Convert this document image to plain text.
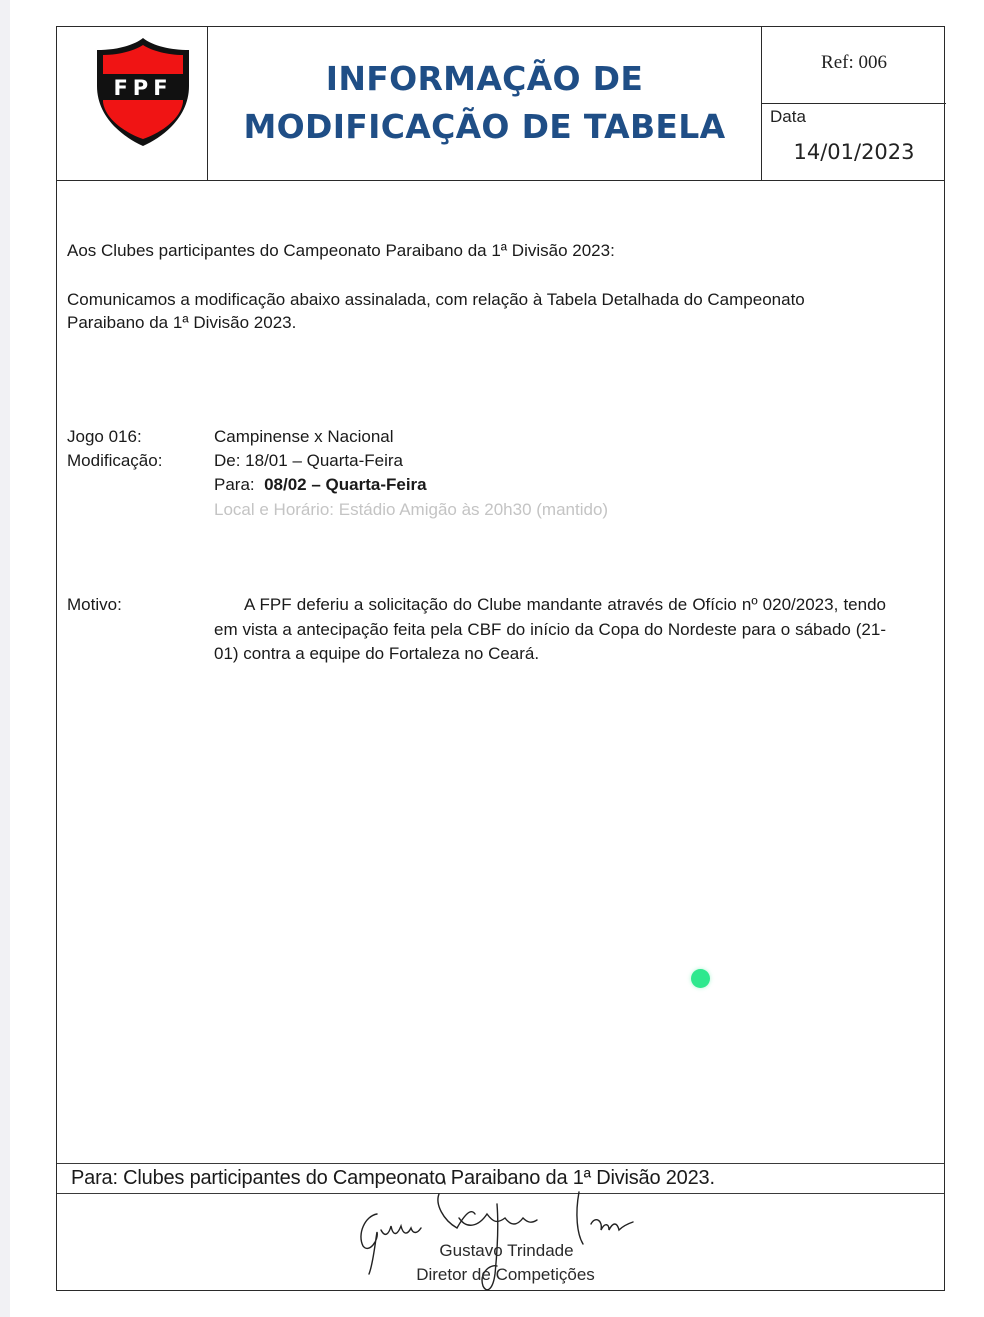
FPF	INFORMAÇÃO DE
MODIFICAÇÃO DE TABELA
Ref: 006
Data
14/01/2023
Aos Clubes participantes do Campeonato Paraibano da 1ª Divisão 2023:
Comunicamos a modificação abaixo assinalada, com relação à Tabela Detalhada do Campeonato
Paraibano da 1ª Divisão 2023.
Jogo 016:	Campinense x Nacional
Modificação:	De: 18/01 – Quarta-Feira
Para: 08/02 – Quarta-Feira
Local e Horário: Estádio Amigão às 20h30 (mantido)
Motivo:	A FPF deferiu a solicitação do Clube mandante através de Ofício nº 020/2023, tendo em vista a antecipação feita pela CBF do início da Copa do Nordeste para o sábado (21-01) contra a equipe do Fortaleza no Ceará.
Para: Clubes participantes do Campeonato Paraibano da 1ª Divisão 2023.
Gustavo Trindade
Diretor de Competições
